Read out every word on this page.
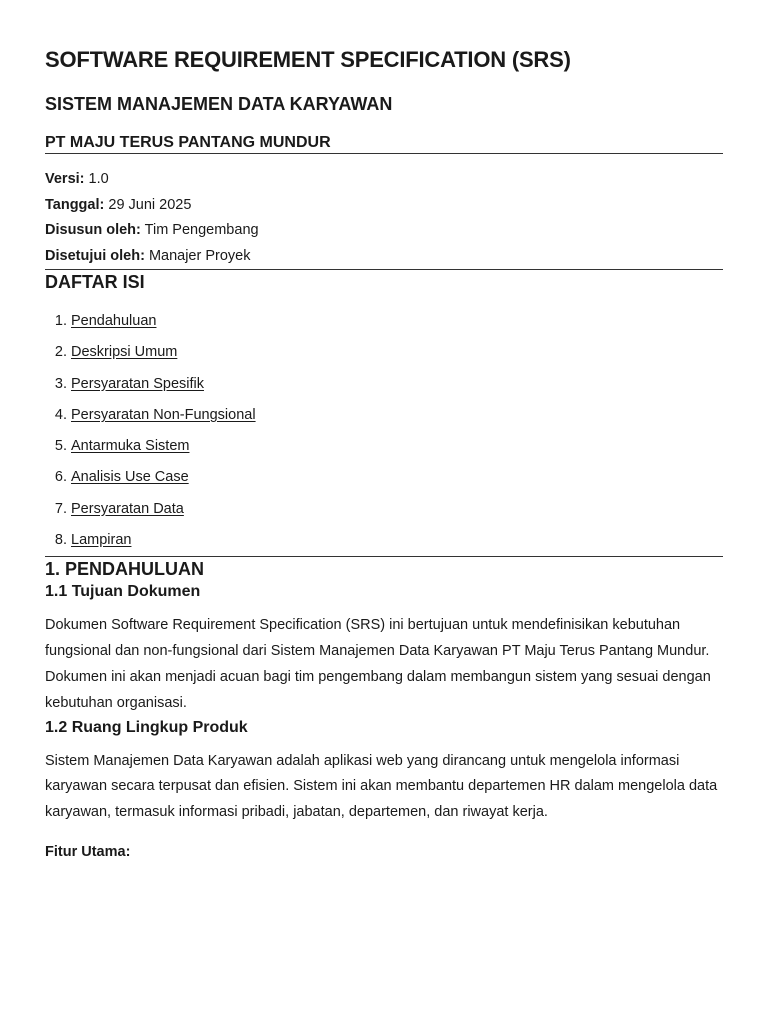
SOFTWARE REQUIREMENT SPECIFICATION (SRS)
SISTEM MANAJEMEN DATA KARYAWAN
PT MAJU TERUS PANTANG MUNDUR
Versi: 1.0
Tanggal: 29 Juni 2025
Disusun oleh: Tim Pengembang
Disetujui oleh: Manajer Proyek
DAFTAR ISI
1. Pendahuluan
2. Deskripsi Umum
3. Persyaratan Spesifik
4. Persyaratan Non-Fungsional
5. Antarmuka Sistem
6. Analisis Use Case
7. Persyaratan Data
8. Lampiran
1. PENDAHULUAN
1.1 Tujuan Dokumen

Dokumen Software Requirement Specification (SRS) ini bertujuan untuk mendefinisikan kebutuhan fungsional dan non-fungsional dari Sistem Manajemen Data Karyawan PT Maju Terus Pantang Mundur. Dokumen ini akan menjadi acuan bagi tim pengembang dalam membangun sistem yang sesuai dengan kebutuhan organisasi.

1.2 Ruang Lingkup Produk

Sistem Manajemen Data Karyawan adalah aplikasi web yang dirancang untuk mengelola informasi karyawan secara terpusat dan efisien. Sistem ini akan membantu departemen HR dalam mengelola data karyawan, termasuk informasi pribadi, jabatan, departemen, dan riwayat kerja.

Fitur Utama:
